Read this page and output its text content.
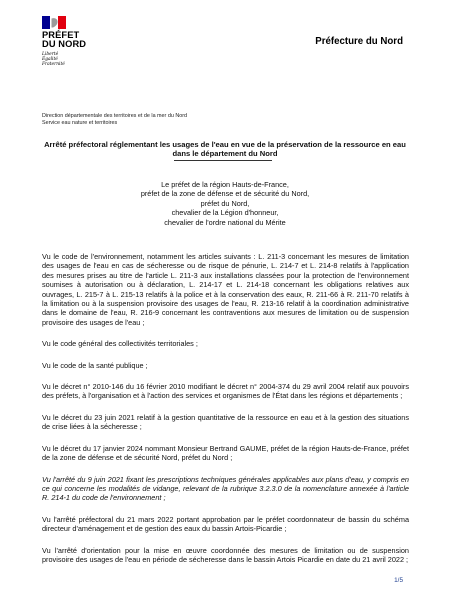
PRÉFET
DU NORD
Liberté
Égalité
Fraternité
Préfecture du Nord
Direction départementale des territoires et de la mer du Nord
Service eau nature et territoires
Arrêté préfectoral réglementant les usages de l'eau en vue de la préservation de la ressource en eau
dans le département du Nord
Le préfet de la région Hauts-de-France,
préfet de la zone de défense et de sécurité du Nord,
préfet du Nord,
chevalier de la Légion d'honneur,
chevalier de l'ordre national du Mérite

Vu le code de l'environnement, notamment les articles suivants : L. 211-3 concernant les mesures de limitation des usages de l'eau en cas de sécheresse ou de risque de pénurie, L. 214-7 et L. 214-8 relatifs à l'application des mesures prises au titre de l'article L. 211-3 aux installations classées pour la protection de l'environnement soumises à autorisation ou à déclaration, L. 214-17 et L. 214-18 concernant les obligations relatives aux ouvrages, L. 215-7 à L. 215-13 relatifs à la police et à la conservation des eaux, R. 211-66 à R. 211-70 relatifs à la limitation ou à la suspension provisoire des usages de l'eau, R. 213-16 relatif à la coordination administrative dans le domaine de l'eau, R. 216-9 concernant les contraventions aux mesures de limitation ou de suspension provisoire des usages de l'eau ;

Vu le code général des collectivités territoriales ;

Vu le code de la santé publique ;

Vu le décret n° 2010-146 du 16 février 2010 modifiant le décret n° 2004-374 du 29 avril 2004 relatif aux pouvoirs des préfets, à l'organisation et à l'action des services et organismes de l'État dans les régions et départements ;

Vu le décret du 23 juin 2021 relatif à la gestion quantitative de la ressource en eau et à la gestion des situations de crise liées à la sécheresse ;

Vu le décret du 17 janvier 2024 nommant Monsieur Bertrand GAUME, préfet de la région Hauts-de-France, préfet de la zone de défense et de sécurité Nord, préfet du Nord ;

Vu l'arrêté du 9 juin 2021 fixant les prescriptions techniques générales applicables aux plans d'eau, y compris en ce qui concerne les modalités de vidange, relevant de la rubrique 3.2.3.0 de la nomenclature annexée à l'article R. 214-1 du code de l'environnement ;

Vu l'arrêté préfectoral du 21 mars 2022 portant approbation par le préfet coordonnateur de bassin du schéma directeur d'aménagement et de gestion des eaux du bassin Artois-Picardie ;

Vu l'arrêté d'orientation pour la mise en œuvre coordonnée des mesures de limitation ou de suspension provisoire des usages de l'eau en période de sécheresse dans le bassin Artois Picardie en date du 21 avril 2022 ;

1/5
